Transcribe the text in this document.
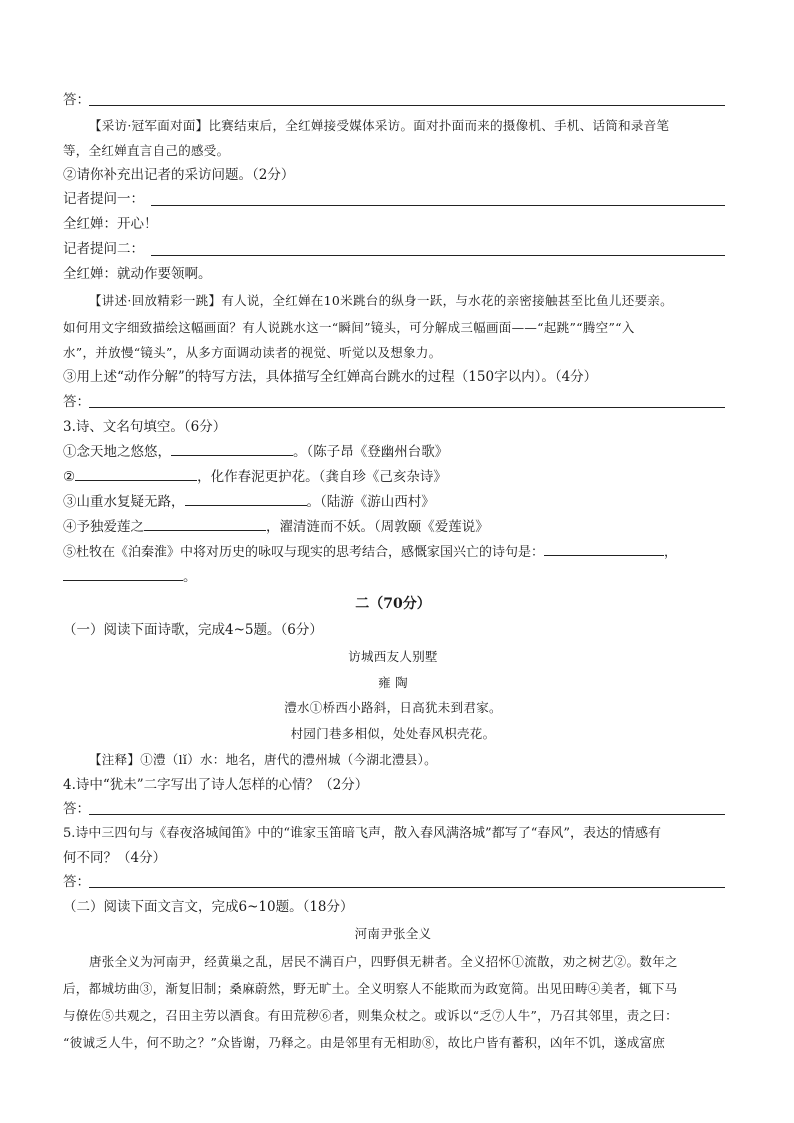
答：
【采访·冠军面对面】比赛结束后，全红婵接受媒体采访。面对扑面而来的摄像机、手机、话筒和录音笔
等，全红婵直言自己的感受。
②请你补充出记者的采访问题。（2分）
记者提问一：
全红婵：开心！
记者提问二：
全红婵：就动作要领啊。
【讲述·回放精彩一跳】有人说，全红婵在10米跳台的纵身一跃，与水花的亲密接触甚至比鱼儿还要亲。
如何用文字细致描绘这幅画面？有人说跳水这一“瞬间”镜头，可分解成三幅画面——“起跳”“腾空”“入
水”，并放慢“镜头”，从多方面调动读者的视觉、听觉以及想象力。
③用上述“动作分解”的特写方法，具体描写全红婵高台跳水的过程（150字以内）。（4分）
答：
3.诗、文名句填空。（6分）
①念天地之悠悠，	。（陈子昂《登幽州台歌》
②	，化作春泥更护花。（龚自珍《己亥杂诗》
③山重水复疑无路，	。（陆游《游山西村》
④予独爱莲之	，濯清涟而不妖。（周敦颐《爱莲说》
⑤杜牧在《泊秦淮》中将对历史的咏叹与现实的思考结合，感慨家国兴亡的诗句是：	，
。
二（70分）
（一）阅读下面诗歌，完成4~5题。（6分）
访城西友人别墅
雍 陶
澧水①桥西小路斜，日高犹未到君家。
村园门巷多相似，处处春风枳壳花。
【注释】①澧（lǐ）水：地名，唐代的澧州城（今湖北澧县）。
4.诗中“犹未”二字写出了诗人怎样的心情？（2分）
答：
5.诗中三四句与《春夜洛城闻笛》中的“谁家玉笛暗飞声，散入春风满洛城”都写了“春风”，表达的情感有
何不同？（4分）
答：
（二）阅读下面文言文，完成6~10题。（18分）
河南尹张全义
唐张全义为河南尹，经黄巢之乱，居民不满百户，四野俱无耕者。全义招怀①流散，劝之树艺②。数年之
后，都城坊曲③，渐复旧制；桑麻蔚然，野无旷土。全义明察人不能欺而为政宽简。出见田畴④美者，辄下马
与僚佐⑤共观之，召田主劳以酒食。有田荒秽⑥者，则集众杖之。或诉以“乏⑦人牛”，乃召其邻里，责之曰：
“彼诚乏人牛，何不助之？”众皆谢，乃释之。由是邻里有无相助⑧，故比户皆有蓄积，凶年不饥，遂成富庶
